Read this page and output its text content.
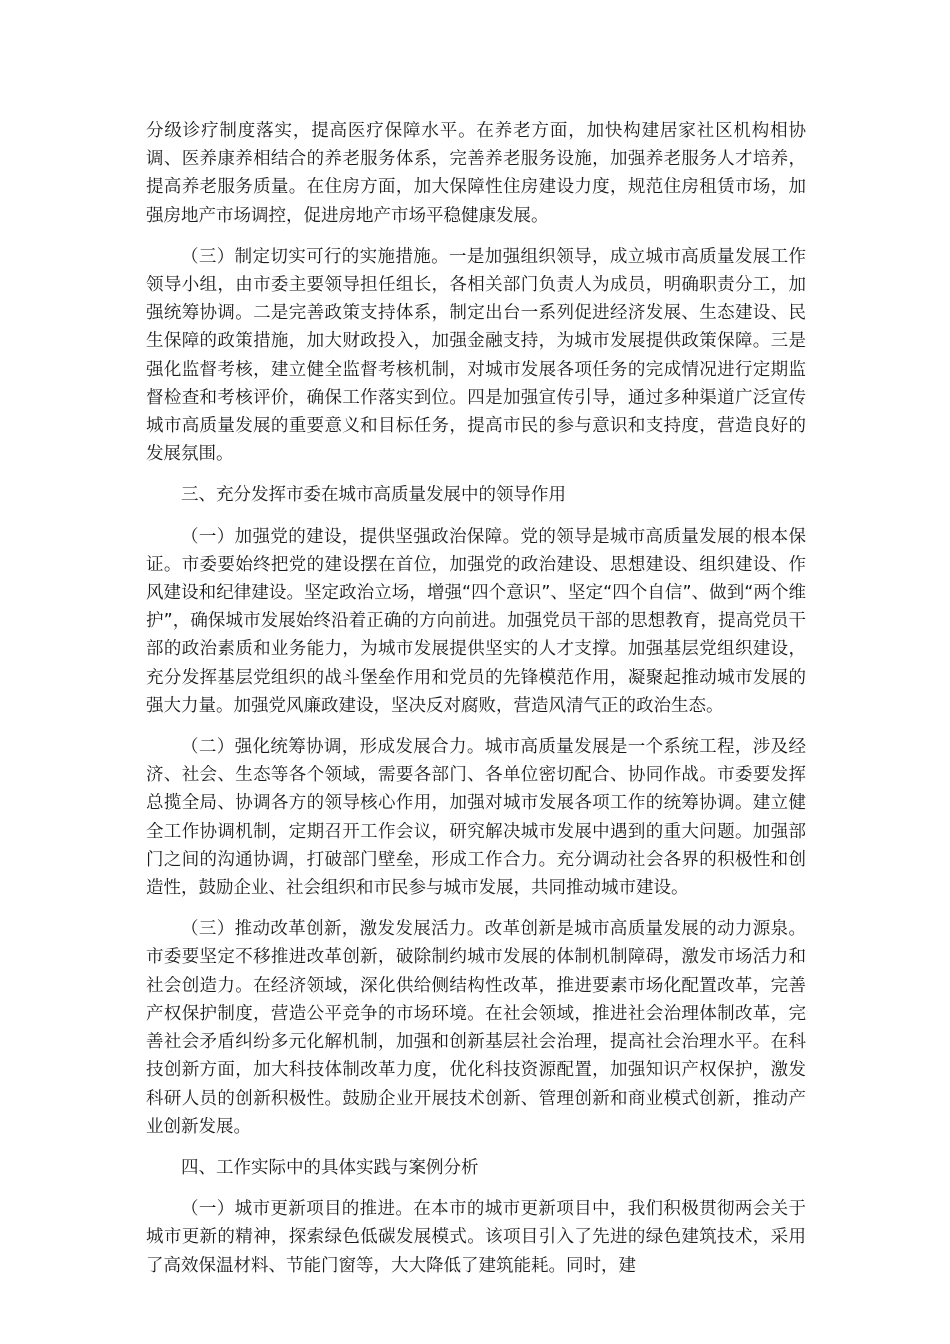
分级诊疗制度落实，提高医疗保障水平。在养老方面，加快构建居家社区机构相协调、医养康养相结合的养老服务体系，完善养老服务设施，加强养老服务人才培养，提高养老服务质量。在住房方面，加大保障性住房建设力度，规范住房租赁市场，加强房地产市场调控，促进房地产市场平稳健康发展。

（三）制定切实可行的实施措施。一是加强组织领导，成立城市高质量发展工作领导小组，由市委主要领导担任组长，各相关部门负责人为成员，明确职责分工，加强统筹协调。二是完善政策支持体系，制定出台一系列促进经济发展、生态建设、民生保障的政策措施，加大财政投入，加强金融支持，为城市发展提供政策保障。三是强化监督考核，建立健全监督考核机制，对城市发展各项任务的完成情况进行定期监督检查和考核评价，确保工作落实到位。四是加强宣传引导，通过多种渠道广泛宣传城市高质量发展的重要意义和目标任务，提高市民的参与意识和支持度，营造良好的发展氛围。

三、充分发挥市委在城市高质量发展中的领导作用

（一）加强党的建设，提供坚强政治保障。党的领导是城市高质量发展的根本保证。市委要始终把党的建设摆在首位，加强党的政治建设、思想建设、组织建设、作风建设和纪律建设。坚定政治立场，增强“四个意识”、坚定“四个自信”、做到“两个维护”，确保城市发展始终沿着正确的方向前进。加强党员干部的思想教育，提高党员干部的政治素质和业务能力，为城市发展提供坚实的人才支撑。加强基层党组织建设，充分发挥基层党组织的战斗堡垒作用和党员的先锋模范作用，凝聚起推动城市发展的强大力量。加强党风廉政建设，坚决反对腐败，营造风清气正的政治生态。

（二）强化统筹协调，形成发展合力。城市高质量发展是一个系统工程，涉及经济、社会、生态等各个领域，需要各部门、各单位密切配合、协同作战。市委要发挥总揽全局、协调各方的领导核心作用，加强对城市发展各项工作的统筹协调。建立健全工作协调机制，定期召开工作会议，研究解决城市发展中遇到的重大问题。加强部门之间的沟通协调，打破部门壁垒，形成工作合力。充分调动社会各界的积极性和创造性，鼓励企业、社会组织和市民参与城市发展，共同推动城市建设。

（三）推动改革创新，激发发展活力。改革创新是城市高质量发展的动力源泉。市委要坚定不移推进改革创新，破除制约城市发展的体制机制障碍，激发市场活力和社会创造力。在经济领域，深化供给侧结构性改革，推进要素市场化配置改革，完善产权保护制度，营造公平竞争的市场环境。在社会领域，推进社会治理体制改革，完善社会矛盾纠纷多元化解机制，加强和创新基层社会治理，提高社会治理水平。在科技创新方面，加大科技体制改革力度，优化科技资源配置，加强知识产权保护，激发科研人员的创新积极性。鼓励企业开展技术创新、管理创新和商业模式创新，推动产业创新发展。

四、工作实际中的具体实践与案例分析

（一）城市更新项目的推进。在本市的城市更新项目中，我们积极贯彻两会关于城市更新的精神，探索绿色低碳发展模式。该项目引入了先进的绿色建筑技术，采用了高效保温材料、节能门窗等，大大降低了建筑能耗。同时，建
